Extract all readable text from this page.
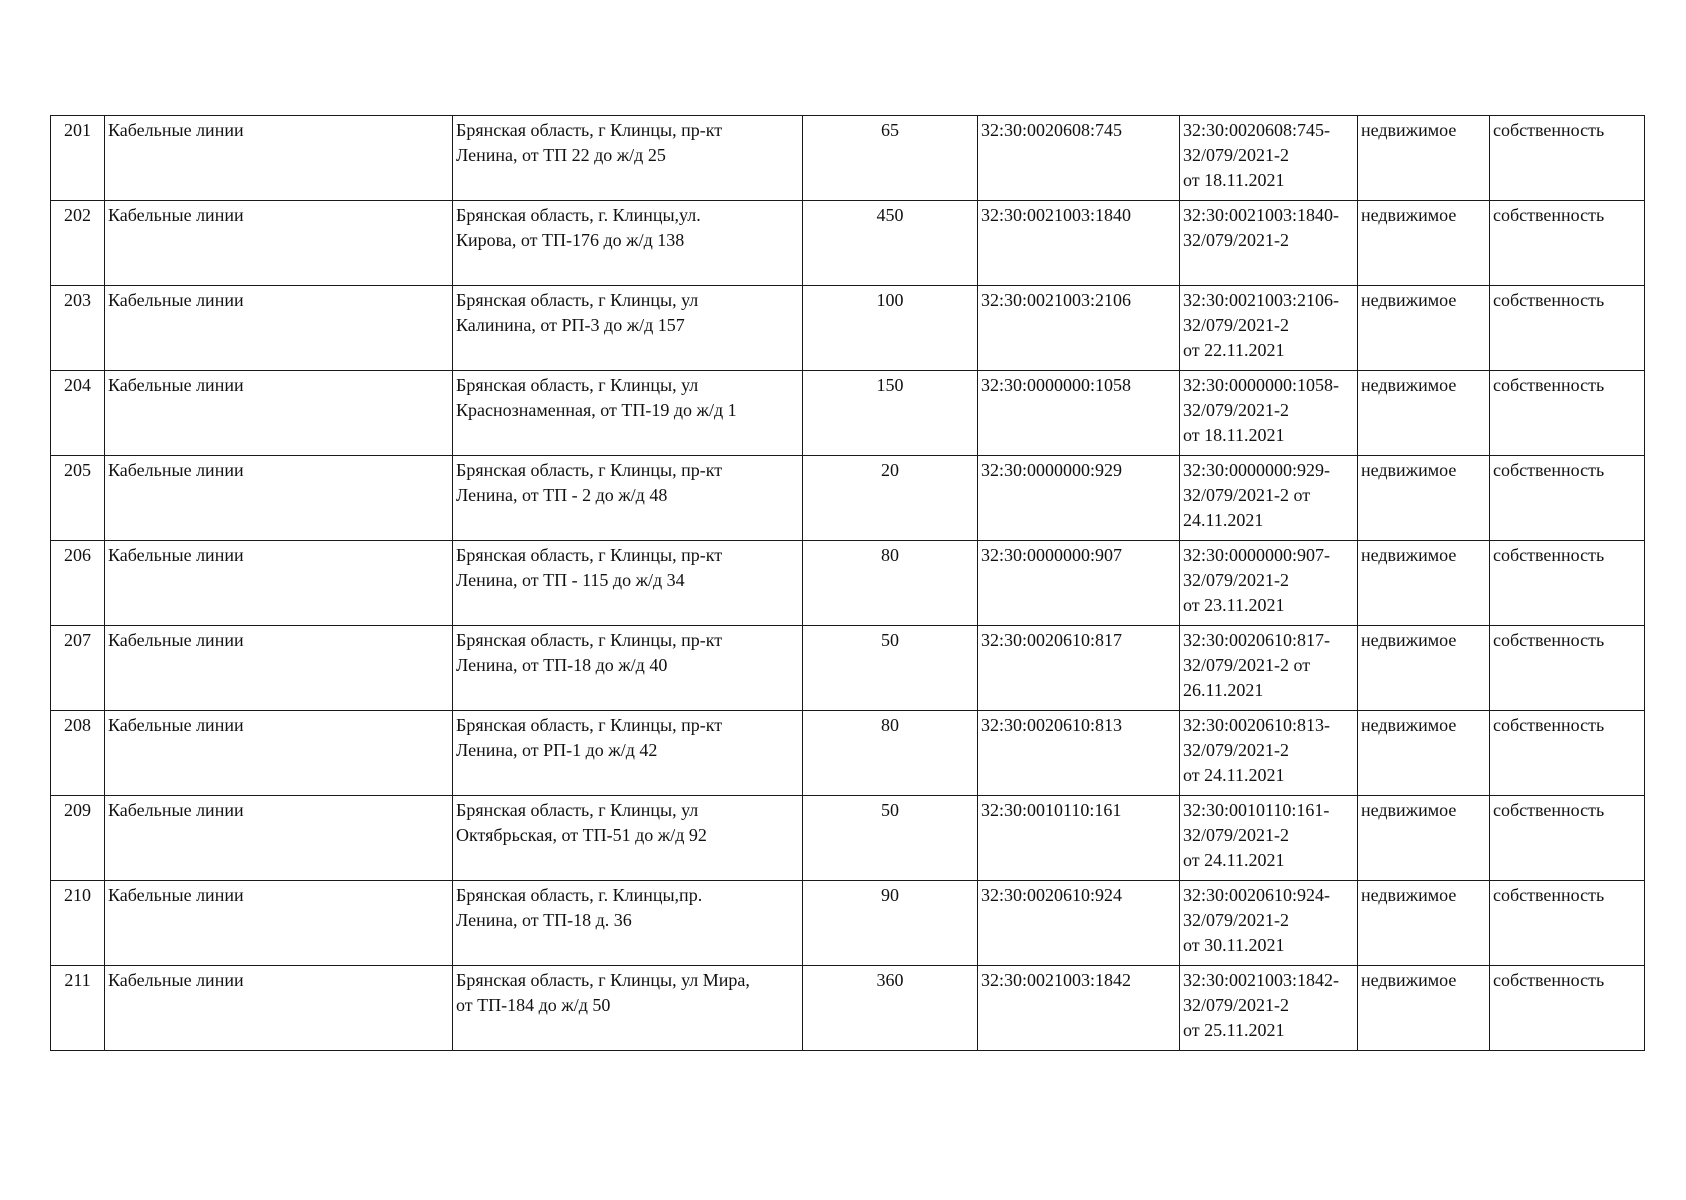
201	Кабельные линии	Брянская область, г Клинцы, пр-кт
Ленина, от ТП 22 до ж/д 25	65	32:30:0020608:745	32:30:0020608:745-
32/079/2021-2
от 18.11.2021	недвижимое	собственность
202	Кабельные линии	Брянская область, г. Клинцы,ул.
Кирова, от ТП-176 до ж/д 138	450	32:30:0021003:1840	32:30:0021003:1840-
32/079/2021-2	недвижимое	собственность
203	Кабельные линии	Брянская область, г Клинцы, ул
Калинина, от РП-3 до ж/д 157	100	32:30:0021003:2106	32:30:0021003:2106-
32/079/2021-2
от 22.11.2021	недвижимое	собственность
204	Кабельные линии	Брянская область, г Клинцы, ул
Краснознаменная, от ТП-19 до ж/д 1	150	32:30:0000000:1058	32:30:0000000:1058-
32/079/2021-2
от 18.11.2021	недвижимое	собственность
205	Кабельные линии	Брянская область, г Клинцы, пр-кт
Ленина, от ТП - 2 до ж/д 48	20	32:30:0000000:929	32:30:0000000:929-
32/079/2021-2 от
24.11.2021	недвижимое	собственность
206	Кабельные линии	Брянская область, г Клинцы, пр-кт
Ленина, от ТП - 115 до ж/д 34	80	32:30:0000000:907	32:30:0000000:907-
32/079/2021-2
от 23.11.2021	недвижимое	собственность
207	Кабельные линии	Брянская область, г Клинцы, пр-кт
Ленина, от ТП-18 до ж/д 40	50	32:30:0020610:817	32:30:0020610:817-
32/079/2021-2 от
26.11.2021	недвижимое	собственность
208	Кабельные линии	Брянская область, г Клинцы, пр-кт
Ленина, от РП-1 до ж/д 42	80	32:30:0020610:813	32:30:0020610:813-
32/079/2021-2
от 24.11.2021	недвижимое	собственность
209	Кабельные линии	Брянская область, г Клинцы, ул
Октябрьская, от ТП-51 до ж/д 92	50	32:30:0010110:161	32:30:0010110:161-
32/079/2021-2
от 24.11.2021	недвижимое	собственность
210	Кабельные линии	Брянская область, г. Клинцы,пр.
Ленина, от ТП-18 д. 36	90	32:30:0020610:924	32:30:0020610:924-
32/079/2021-2
от 30.11.2021	недвижимое	собственность
211	Кабельные линии	Брянская область, г Клинцы, ул Мира,
от ТП-184 до ж/д 50	360	32:30:0021003:1842	32:30:0021003:1842-
32/079/2021-2
от 25.11.2021	недвижимое	собственность
